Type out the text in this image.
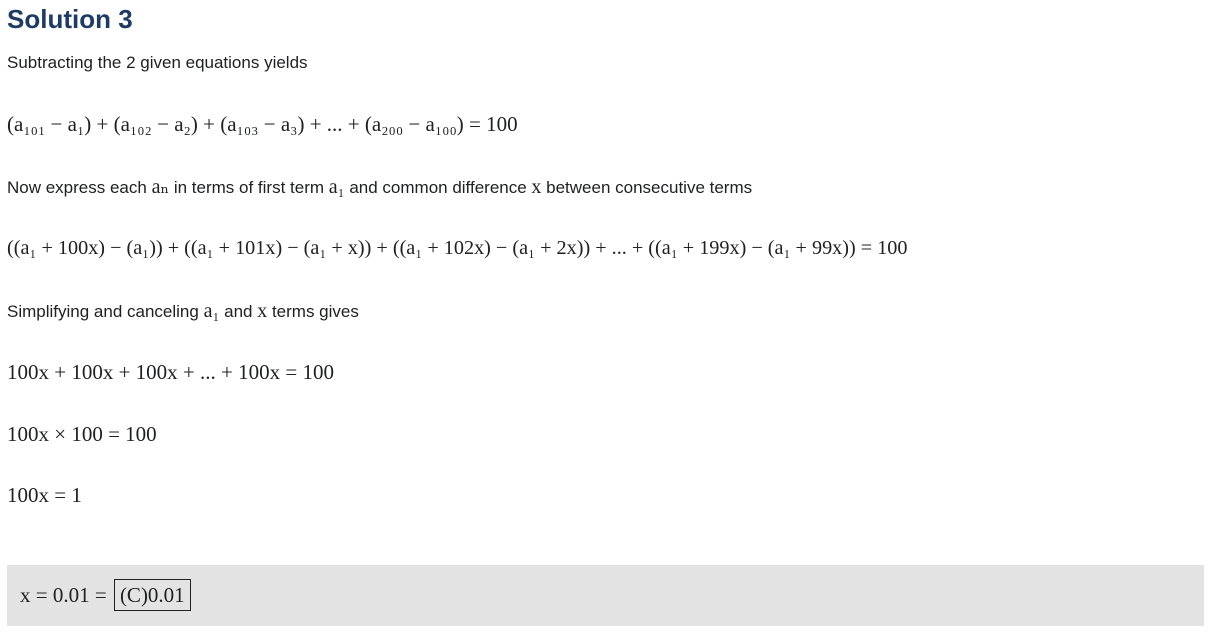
Solution 3

Subtracting the 2 given equations yields

(a₁₀₁ − a₁) + (a₁₀₂ − a₂) + (a₁₀₃ − a₃) + ... + (a₂₀₀ − a₁₀₀) = 100

Now express each aₙ in terms of first term a₁ and common difference x between consecutive terms

((a₁ + 100x) − (a₁)) + ((a₁ + 101x) − (a₁ + x)) + ((a₁ + 102x) − (a₁ + 2x)) + ... + ((a₁ + 199x) − (a₁ + 99x)) = 100

Simplifying and canceling a₁ and x terms gives

100x + 100x + 100x + ... + 100x = 100
100x × 100 = 100
100x = 1
x = 0.01 = (C)0.01
